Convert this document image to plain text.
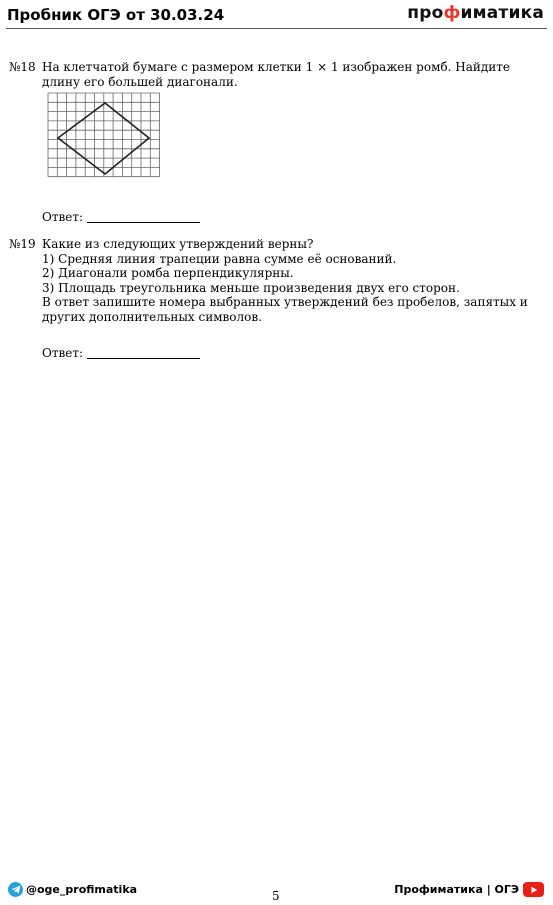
Пробник ОГЭ от 30.03.24	профиматика
№18 На клетчатой бумаге с размером клетки 1 × 1 изображен ромб. Найдите длину его большей диагонали.

Ответ:
№19 Какие из следующих утверждений верны?

1) Средняя линия трапеции равна сумме её оснований.

2) Диагонали ромба перпендикулярны.

3) Площадь треугольника меньше произведения двух его сторон.

В ответ запишите номера выбранных утверждений без пробелов, запятых и других дополнительных символов.

Ответ:
@oge_profimatika	5	Профиматика | ОГЭ
